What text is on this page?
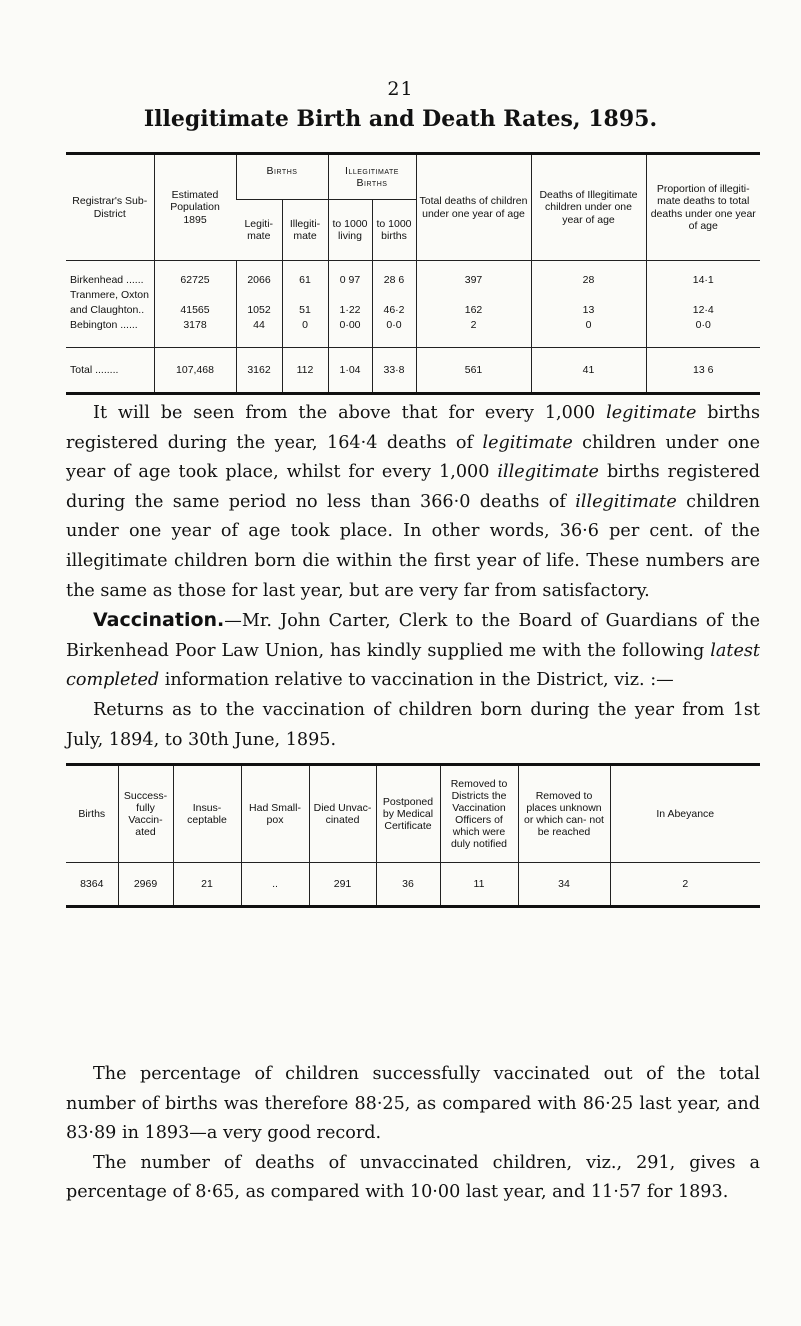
21
Illegitimate Birth and Death Rates, 1895.
Registrar's Sub-District	Estimated Population 1895	Births		Illegitimate Births		Total deaths of children under one year of age	Deaths of Illegitimate children under one year of age	Proportion of illegiti- mate deaths to total deaths under one year of age
		Legiti- mate	Illegiti- mate	to 1000 living	to 1000 births			
Birkenhead ......	62725	2066	61	0 97	28 6	397	28	14·1
Tranmere, Oxton								
and Claughton..	41565	1052	51	1·22	46·2	162	13	12·4
Bebington ......	3178	44	0	0·00	0·0	2	0	0·0
Total ........	107,468	3162	112	1·04	33·8	561	41	13 6

It will be seen from the above that for every 1,000 legitimate births registered during the year, 164·4 deaths of legitimate children under one year of age took place, whilst for every 1,000 illegitimate births registered during the same period no less than 366·0 deaths of illegitimate children under one year of age took place. In other words, 36·6 per cent. of the illegitimate children born die within the first year of life. These numbers are the same as those for last year, but are very far from satisfactory.

Vaccination.—Mr. John Carter, Clerk to the Board of Guardians of the Birkenhead Poor Law Union, has kindly supplied me with the following latest completed information relative to vaccination in the District, viz. :—

Returns as to the vaccination of children born during the year from 1st July, 1894, to 30th June, 1895.

Births	Success- fully Vaccin- ated	Insus- ceptable	Had Small- pox	Died Unvac- cinated	Postponed by Medical Certificate	Removed to Districts the Vaccination Officers of which were duly notified	Removed to places unknown or which can- not be reached	In Abeyance
8364	2969	21	..	291	36	11	34	2

The percentage of children successfully vaccinated out of the total number of births was therefore 88·25, as compared with 86·25 last year, and 83·89 in 1893—a very good record.

The number of deaths of unvaccinated children, viz., 291, gives a percentage of 8·65, as compared with 10·00 last year, and 11·57 for 1893.
